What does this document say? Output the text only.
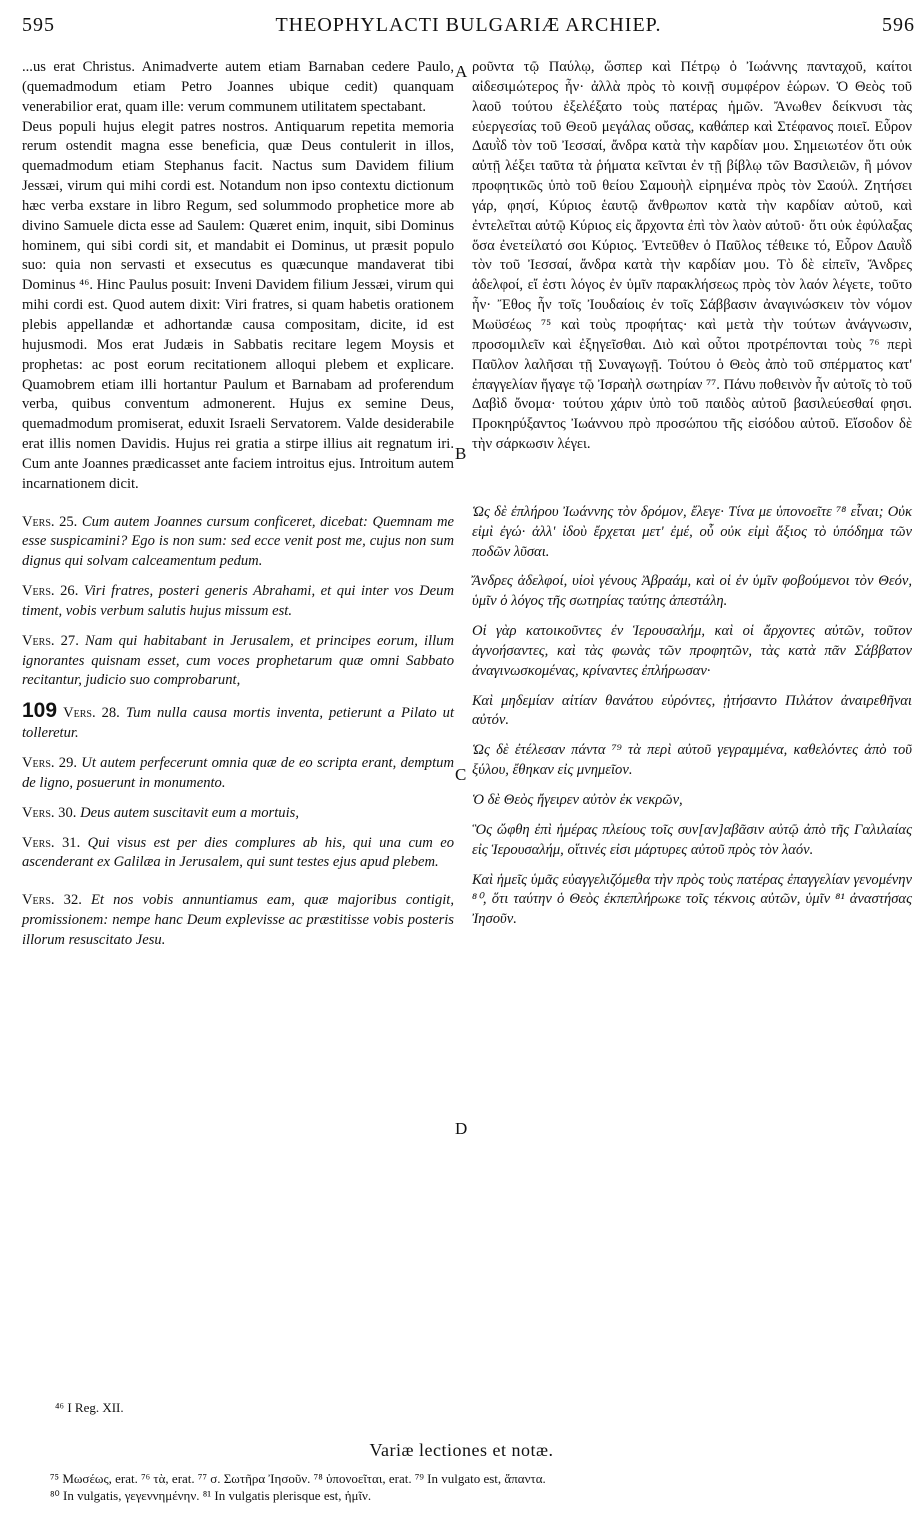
595	THEOPHYLACTI BULGARIÆ ARCHIEP.	596
A
B
C
D

...us erat Christus. Animadverte autem etiam Barnaban cedere Paulo, (quemadmodum etiam Petro Joannes ubique cedit) quanquam venerabilior erat, quam ille: verum communem utilitatem spectabant.

Deus populi hujus elegit patres nostros. Antiquarum repetita memoria rerum ostendit magna esse beneficia, quæ Deus contulerit in illos, quemadmodum etiam Stephanus facit. Nactus sum Davidem filium Jessæi, virum qui mihi cordi est. Notandum non ipso contextu dictionum hæc verba exstare in libro Regum, sed solummodo prophetice more ab divino Samuele dicta esse ad Saulem: Quæret enim, inquit, sibi Dominus hominem, qui sibi cordi sit, et mandabit ei Dominus, ut præsit populo suo: quia non servasti et exsecutus es quæcunque mandaverat tibi Dominus ⁴⁶. Hinc Paulus posuit: Inveni Davidem filium Jessæi, virum qui mihi cordi est. Quod autem dixit: Viri fratres, si quam habetis orationem plebis appellandæ et adhortandæ causa compositam, dicite, id est hujusmodi. Mos erat Judæis in Sabbatis recitare legem Moysis et prophetas: ac post eorum recitationem alloqui plebem et explicare. Quamobrem etiam illi hortantur Paulum et Barnabam ad proferendum verba, quibus conventum admonerent. Hujus ex semine Deus, quemadmodum promiserat, eduxit Israeli Servatorem. Valde desiderabile erat illis nomen Davidis. Hujus rei gratia a stirpe illius ait regnatum iri. Cum ante Joannes prædicasset ante faciem introitus ejus. Introitum autem incarnationem dicit.

Vers. 25. Cum autem Joannes cursum conficeret, dicebat: Quemnam me esse suspicamini? Ego is non sum: sed ecce venit post me, cujus non sum dignus qui solvam calceamentum pedum.

Vers. 26. Viri fratres, posteri generis Abrahami, et qui inter vos Deum timent, vobis verbum salutis hujus missum est.

Vers. 27. Nam qui habitabant in Jerusalem, et principes eorum, illum ignorantes quisnam esset, cum voces prophetarum quæ omni Sabbato recitantur, judicio suo comprobarunt,

109 Vers. 28. Tum nulla causa mortis inventa, petierunt a Pilato ut tolleretur.

Vers. 29. Ut autem perfecerunt omnia quæ de eo scripta erant, demptum de ligno, posuerunt in monumento.

Vers. 30. Deus autem suscitavit eum a mortuis,

Vers. 31. Qui visus est per dies complures ab his, qui una cum eo ascenderant ex Galilæa in Jerusalem, qui sunt testes ejus apud plebem.

Vers. 32. Et nos vobis annuntiamus eam, quæ majoribus contigit, promissionem: nempe hanc Deum explevisse ac præstitisse vobis posteris illorum resuscitato Jesu.

ροῦντα τῷ Παύλῳ, ὥσπερ καὶ Πέτρῳ ὁ Ἰωάννης πανταχοῦ, καίτοι αἰδεσιμώτερος ἦν· ἀλλὰ πρὸς τὸ κοινῇ συμφέρον ἑώρων. Ὁ Θεὸς τοῦ λαοῦ τούτου ἐξελέξατο τοὺς πατέρας ἡμῶν. Ἄνωθεν δείκνυσι τὰς εὐεργεσίας τοῦ Θεοῦ μεγάλας οὔσας, καθάπερ καὶ Στέφανος ποιεῖ. Εὗρον Δαυῒδ τὸν τοῦ Ἰεσσαί, ἄνδρα κατὰ τὴν καρδίαν μου. Σημειωτέον ὅτι οὐκ αὐτῇ λέξει ταῦτα τὰ ῥήματα κεῖνται ἐν τῇ βίβλῳ τῶν Βασιλειῶν, ἢ μόνον προφητικῶς ὑπὸ τοῦ θείου Σαμουὴλ εἰρημένα πρὸς τὸν Σαούλ. Ζητήσει γάρ, φησί, Κύριος ἑαυτῷ ἄνθρωπον κατὰ τὴν καρδίαν αὐτοῦ, καὶ ἐντελεῖται αὐτῷ Κύριος εἰς ἄρχοντα ἐπὶ τὸν λαὸν αὐτοῦ· ὅτι οὐκ ἐφύλαξας ὅσα ἐνετείλατό σοι Κύριος. Ἐντεῦθεν ὁ Παῦλος τέθεικε τό, Εὗρον Δαυῒδ τὸν τοῦ Ἰεσσαί, ἄνδρα κατὰ τὴν καρδίαν μου. Τὸ δὲ εἰπεῖν, Ἄνδρες ἀδελφοί, εἴ ἐστι λόγος ἐν ὑμῖν παρακλήσεως πρὸς τὸν λαόν λέγετε, τοῦτο ἦν· Ἔθος ἦν τοῖς Ἰουδαίοις ἐν τοῖς Σάββασιν ἀναγινώσκειν τὸν νόμον Μωϋσέως ⁷⁵ καὶ τοὺς προφήτας· καὶ μετὰ τὴν τούτων ἀνάγνωσιν, προσομιλεῖν καὶ ἐξηγεῖσθαι. Διὸ καὶ οὗτοι προτρέπονται τοὺς ⁷⁶ περὶ Παῦλον λαλῆσαι τῇ Συναγωγῇ. Τούτου ὁ Θεὸς ἀπὸ τοῦ σπέρματος κατ' ἐπαγγελίαν ἤγαγε τῷ Ἰσραὴλ σωτηρίαν ⁷⁷. Πάνυ ποθεινὸν ἦν αὐτοῖς τὸ τοῦ Δαβὶδ ὄνομα· τούτου χάριν ὑπὸ τοῦ παιδὸς αὐτοῦ βασιλεύεσθαί φησι. Προκηρύξαντος Ἰωάννου πρὸ προσώπου τῆς εἰσόδου αὐτοῦ. Εἴσοδον δὲ τὴν σάρκωσιν λέγει.

Ὡς δὲ ἐπλήρου Ἰωάννης τὸν δρόμον, ἔλεγε· Τίνα με ὑπονοεῖτε ⁷⁸ εἶναι; Οὐκ εἰμὶ ἐγώ· ἀλλ' ἰδοὺ ἔρχεται μετ' ἐμέ, οὗ οὐκ εἰμὶ ἄξιος τὸ ὑπόδημα τῶν ποδῶν λῦσαι.

Ἄνδρες ἀδελφοί, υἱοὶ γένους Ἀβραάμ, καὶ οἱ ἐν ὑμῖν φοβούμενοι τὸν Θεόν, ὑμῖν ὁ λόγος τῆς σωτηρίας ταύτης ἀπεστάλη.

Οἱ γὰρ κατοικοῦντες ἐν Ἱερουσαλήμ, καὶ οἱ ἄρχοντες αὐτῶν, τοῦτον ἀγνοήσαντες, καὶ τὰς φωνὰς τῶν προφητῶν, τὰς κατὰ πᾶν Σάββατον ἀναγινωσκομένας, κρίναντες ἐπλήρωσαν·

Καὶ μηδεμίαν αἰτίαν θανάτου εὑρόντες, ᾐτήσαντο Πιλάτον ἀναιρεθῆναι αὐτόν.

Ὡς δὲ ἐτέλεσαν πάντα ⁷⁹ τὰ περὶ αὐτοῦ γεγραμμένα, καθελόντες ἀπὸ τοῦ ξύλου, ἔθηκαν εἰς μνημεῖον.

Ὁ δὲ Θεὸς ἤγειρεν αὐτὸν ἐκ νεκρῶν,

Ὃς ὤφθη ἐπὶ ἡμέρας πλείους τοῖς συν[αν]αβᾶσιν αὐτῷ ἀπὸ τῆς Γαλιλαίας εἰς Ἱερουσαλήμ, οἵτινές εἰσι μάρτυρες αὐτοῦ πρὸς τὸν λαόν.

Καὶ ἡμεῖς ὑμᾶς εὐαγγελιζόμεθα τὴν πρὸς τοὺς πατέρας ἐπαγγελίαν γενομένην ⁸⁰, ὅτι ταύτην ὁ Θεὸς ἐκπεπλήρωκε τοῖς τέκνοις αὐτῶν, ὑμῖν ⁸¹ ἀναστήσας Ἰησοῦν.

⁴⁶ I Reg. XII.
Variæ lectiones et notæ.
⁷⁵ Μωσέως, erat. ⁷⁶ τὰ, erat. ⁷⁷ σ. Σωτῆρα Ἰησοῦν. ⁷⁸ ὑπονοεῖται, erat. ⁷⁹ In vulgato est, ἅπαντα.
⁸⁰ In vulgatis, γεγεννημένην. ⁸¹ In vulgatis plerisque est, ἡμῖν.
